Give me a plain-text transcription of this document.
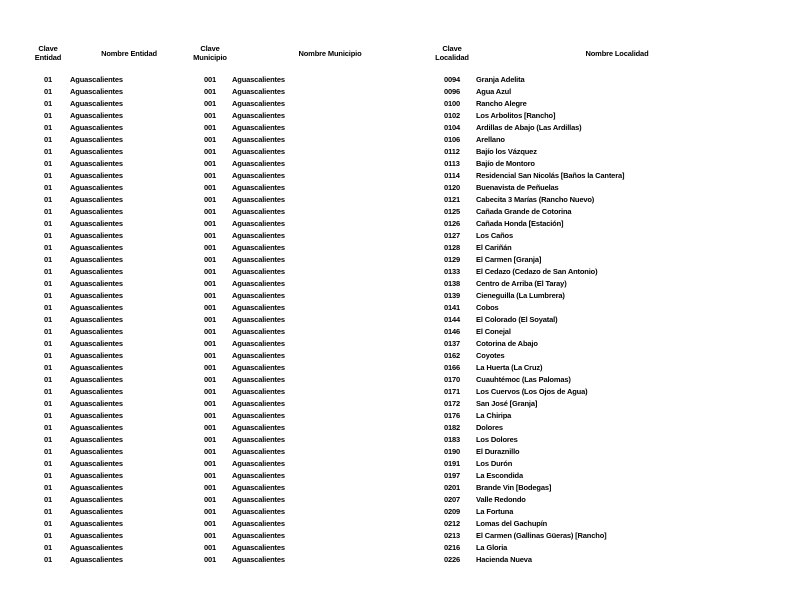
Clave Entidad	Nombre Entidad	Clave Municipio	Nombre Municipio	Clave Localidad	Nombre Localidad
01	Aguascalientes	001	Aguascalientes	0094	Granja Adelita
01	Aguascalientes	001	Aguascalientes	0096	Agua Azul
01	Aguascalientes	001	Aguascalientes	0100	Rancho Alegre
01	Aguascalientes	001	Aguascalientes	0102	Los Arbolitos [Rancho]
01	Aguascalientes	001	Aguascalientes	0104	Ardillas de Abajo (Las Ardillas)
01	Aguascalientes	001	Aguascalientes	0106	Arellano
01	Aguascalientes	001	Aguascalientes	0112	Bajío los Vázquez
01	Aguascalientes	001	Aguascalientes	0113	Bajío de Montoro
01	Aguascalientes	001	Aguascalientes	0114	Residencial San Nicolás [Baños la Cantera]
01	Aguascalientes	001	Aguascalientes	0120	Buenavista de Peñuelas
01	Aguascalientes	001	Aguascalientes	0121	Cabecita 3 Marías (Rancho Nuevo)
01	Aguascalientes	001	Aguascalientes	0125	Cañada Grande de Cotorina
01	Aguascalientes	001	Aguascalientes	0126	Cañada Honda [Estación]
01	Aguascalientes	001	Aguascalientes	0127	Los Caños
01	Aguascalientes	001	Aguascalientes	0128	El Cariñán
01	Aguascalientes	001	Aguascalientes	0129	El Carmen [Granja]
01	Aguascalientes	001	Aguascalientes	0133	El Cedazo (Cedazo de San Antonio)
01	Aguascalientes	001	Aguascalientes	0138	Centro de Arriba (El Taray)
01	Aguascalientes	001	Aguascalientes	0139	Cieneguilla (La Lumbrera)
01	Aguascalientes	001	Aguascalientes	0141	Cobos
01	Aguascalientes	001	Aguascalientes	0144	El Colorado (El Soyatal)
01	Aguascalientes	001	Aguascalientes	0146	El Conejal
01	Aguascalientes	001	Aguascalientes	0137	Cotorina de Abajo
01	Aguascalientes	001	Aguascalientes	0162	Coyotes
01	Aguascalientes	001	Aguascalientes	0166	La Huerta (La Cruz)
01	Aguascalientes	001	Aguascalientes	0170	Cuauhtémoc (Las Palomas)
01	Aguascalientes	001	Aguascalientes	0171	Los Cuervos (Los Ojos de Agua)
01	Aguascalientes	001	Aguascalientes	0172	San José [Granja]
01	Aguascalientes	001	Aguascalientes	0176	La Chiripa
01	Aguascalientes	001	Aguascalientes	0182	Dolores
01	Aguascalientes	001	Aguascalientes	0183	Los Dolores
01	Aguascalientes	001	Aguascalientes	0190	El Duraznillo
01	Aguascalientes	001	Aguascalientes	0191	Los Durón
01	Aguascalientes	001	Aguascalientes	0197	La Escondida
01	Aguascalientes	001	Aguascalientes	0201	Brande Vin [Bodegas]
01	Aguascalientes	001	Aguascalientes	0207	Valle Redondo
01	Aguascalientes	001	Aguascalientes	0209	La Fortuna
01	Aguascalientes	001	Aguascalientes	0212	Lomas del Gachupín
01	Aguascalientes	001	Aguascalientes	0213	El Carmen (Gallinas Güeras) [Rancho]
01	Aguascalientes	001	Aguascalientes	0216	La Gloria
01	Aguascalientes	001	Aguascalientes	0226	Hacienda Nueva
